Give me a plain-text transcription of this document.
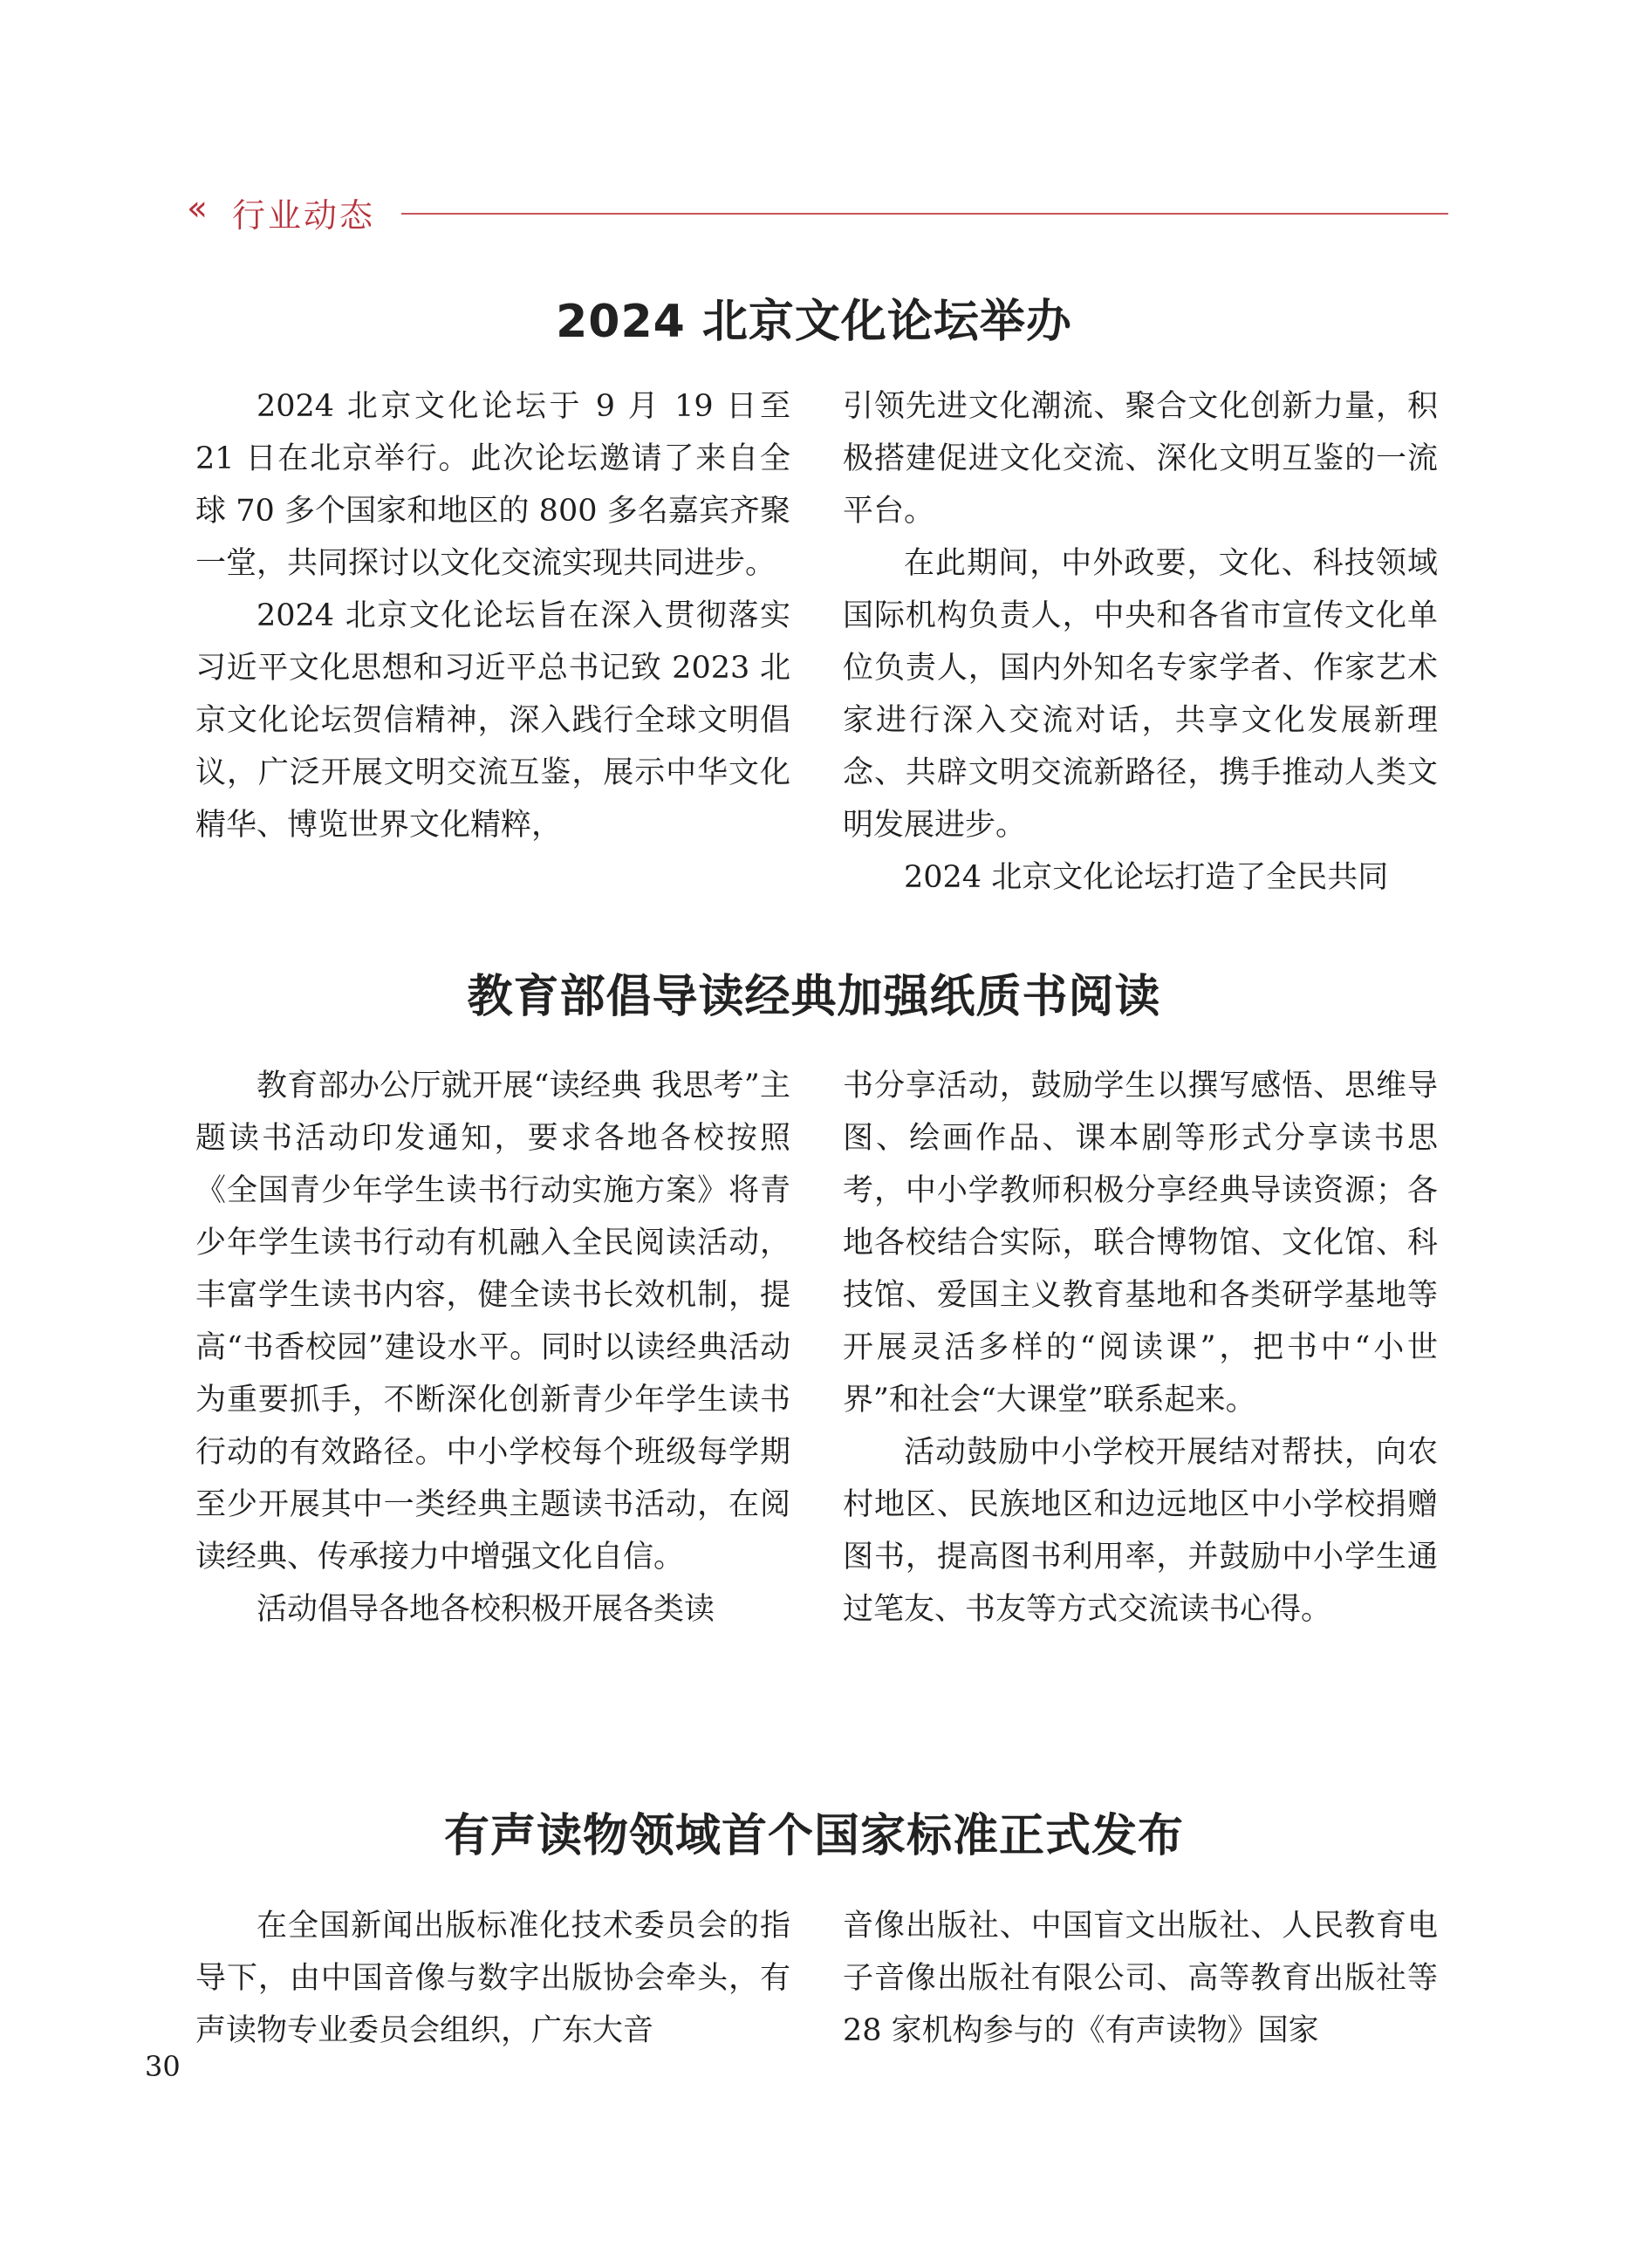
‹‹ 行业动态
2024 北京文化论坛举办

2024 北京文化论坛于 9 月 19 日至 21 日在北京举行。此次论坛邀请了来自全球 70 多个国家和地区的 800 多名嘉宾齐聚一堂，共同探讨以文化交流实现共同进步。

2024 北京文化论坛旨在深入贯彻落实习近平文化思想和习近平总书记致 2023 北京文化论坛贺信精神，深入践行全球文明倡议，广泛开展文明交流互鉴，展示中华文化精华、博览世界文化精粹，

引领先进文化潮流、聚合文化创新力量，积极搭建促进文化交流、深化文明互鉴的一流平台。

在此期间，中外政要，文化、科技领域国际机构负责人，中央和各省市宣传文化单位负责人，国内外知名专家学者、作家艺术家进行深入交流对话，共享文化发展新理念、共辟文明交流新路径，携手推动人类文明发展进步。

2024 北京文化论坛打造了全民共同

教育部倡导读经典加强纸质书阅读

教育部办公厅就开展“读经典 我思考”主题读书活动印发通知，要求各地各校按照《全国青少年学生读书行动实施方案》将青少年学生读书行动有机融入全民阅读活动，丰富学生读书内容，健全读书长效机制，提高“书香校园”建设水平。同时以读经典活动为重要抓手，不断深化创新青少年学生读书行动的有效路径。中小学校每个班级每学期至少开展其中一类经典主题读书活动，在阅读经典、传承接力中增强文化自信。

活动倡导各地各校积极开展各类读

书分享活动，鼓励学生以撰写感悟、思维导图、绘画作品、课本剧等形式分享读书思考，中小学教师积极分享经典导读资源；各地各校结合实际，联合博物馆、文化馆、科技馆、爱国主义教育基地和各类研学基地等开展灵活多样的“阅读课”，把书中“小世界”和社会“大课堂”联系起来。

活动鼓励中小学校开展结对帮扶，向农村地区、民族地区和边远地区中小学校捐赠图书，提高图书利用率，并鼓励中小学生通过笔友、书友等方式交流读书心得。

有声读物领域首个国家标准正式发布

在全国新闻出版标准化技术委员会的指导下，由中国音像与数字出版协会牵头，有声读物专业委员会组织，广东大音

音像出版社、中国盲文出版社、人民教育电子音像出版社有限公司、高等教育出版社等 28 家机构参与的《有声读物》国家

30
